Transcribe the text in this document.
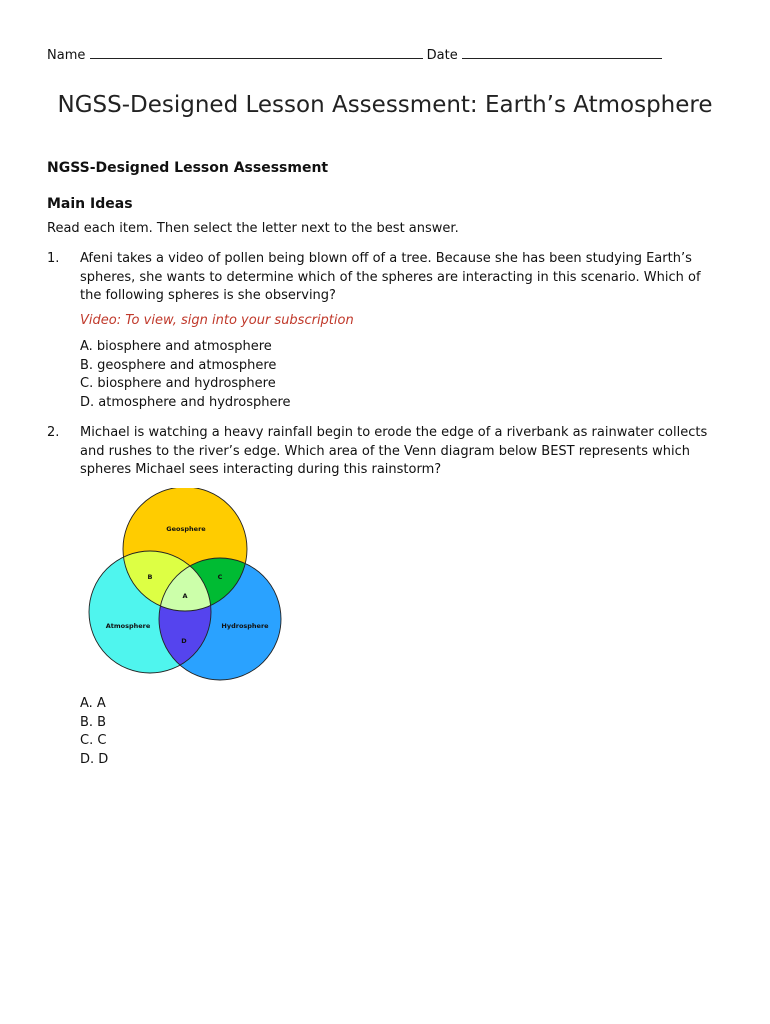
Name	Date
NGSS-Designed Lesson Assessment: Earth’s Atmosphere
NGSS-Designed Lesson Assessment
Main Ideas
Read each item. Then select the letter next to the best answer.
1. Afeni takes a video of pollen being blown off of a tree. Because she has been studying Earth’s spheres, she wants to determine which of the spheres are interacting in this scenario. Which of the following spheres is she observing?
Video: To view, sign into your subscription
A. biosphere and atmosphere
B. geosphere and atmosphere
C. biosphere and hydrosphere
D. atmosphere and hydrosphere
2. Michael is watching a heavy rainfall begin to erode the edge of a riverbank as rainwater collects and rushes to the river’s edge. Which area of the Venn diagram below BEST represents which spheres Michael sees interacting during this rainstorm?
Geosphere
Atmosphere	Hydrosphere
B	C
A
D
A. A
B. B
C. C
D. D
